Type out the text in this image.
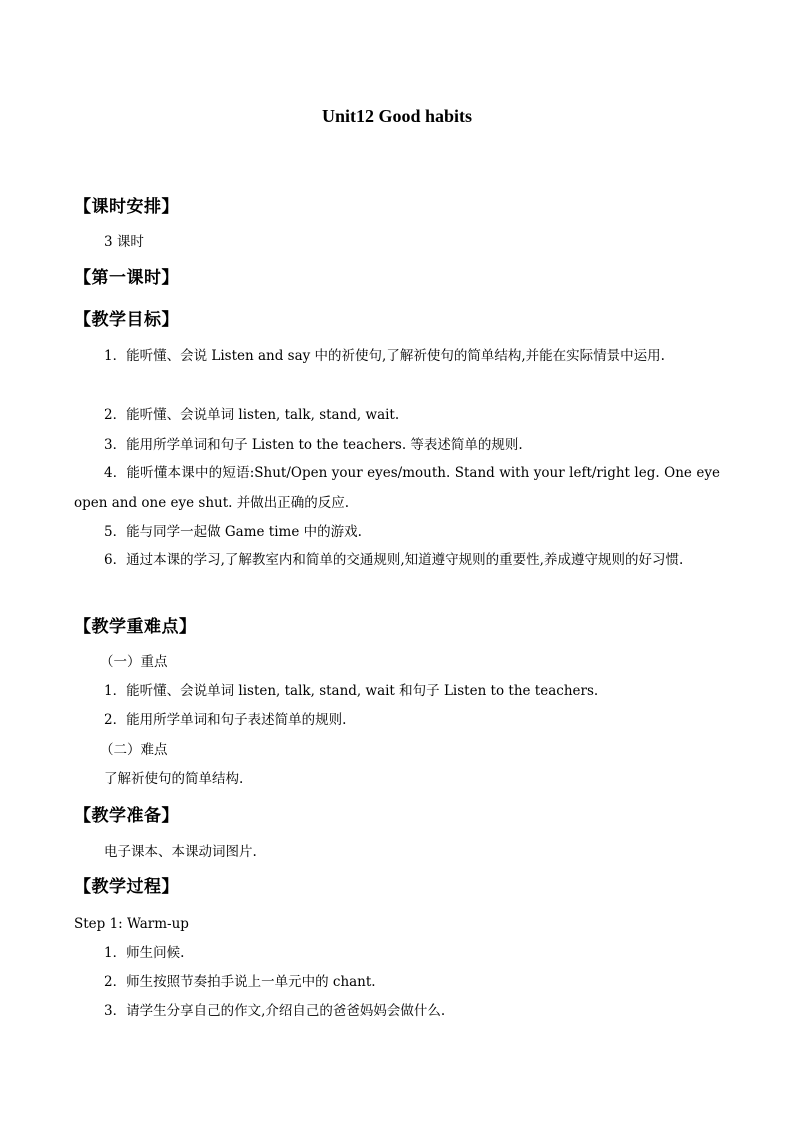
Unit12 Good habits
【课时安排】
3 课时
【第一课时】
【教学目标】
1．能听懂、会说 Listen and say 中的祈使句,了解祈使句的简单结构,并能在实际情景中运用.
2．能听懂、会说单词 listen, talk, stand, wait.
3．能用所学单词和句子 Listen to the teachers. 等表述简单的规则.
4．能听懂本课中的短语:Shut/Open your eyes/mouth. Stand with your left/right leg. One eye open and one eye shut. 并做出正确的反应.
5．能与同学一起做 Game time 中的游戏.
6．通过本课的学习,了解教室内和简单的交通规则,知道遵守规则的重要性,养成遵守规则的好习惯.
【教学重难点】
（一）重点
1．能听懂、会说单词 listen, talk, stand, wait 和句子 Listen to the teachers.
2．能用所学单词和句子表述简单的规则.
（二）难点
了解祈使句的简单结构.
【教学准备】
电子课本、本课动词图片.
【教学过程】
Step 1: Warm-up
1．师生问候.
2．师生按照节奏拍手说上一单元中的 chant.
3．请学生分享自己的作文,介绍自己的爸爸妈妈会做什么.
